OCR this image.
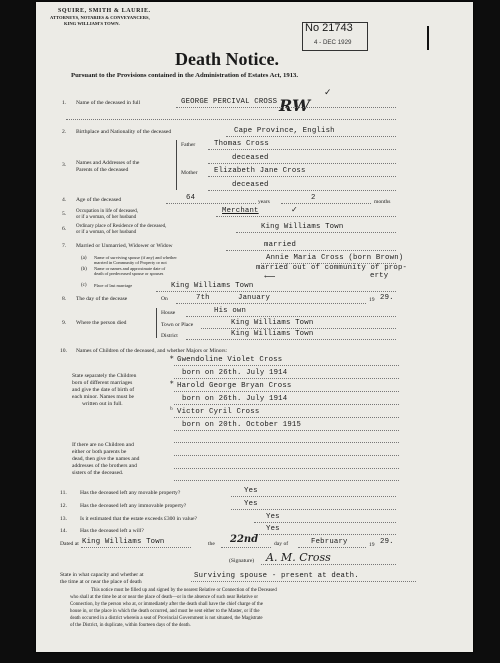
SQUIRE, SMITH & LAURIE.
ATTORNEYS, NOTARIES & CONVEYANCERS,
KING WILLIAM'S TOWN.	No 21743
4 - DEC 1929
Death Notice.
Pursuant to the Provisions contained in the Administration of Estates Act, 1913.
RW
✓
1. Name of the deceased in full	GEORGE PERCIVAL CROSS
2. Birthplace and Nationality of the deceased	Cape Province, English
3. Names and Addresses of the
Parents of the deceased
Father	Thomas Cross
deceased
Mother Elizabeth Jane Cross
deceased
4. Age of the deceased	64	years	2	months
5. Occupation in life of deceased,
or if a woman, of her husband
Merchant	✓
6. Ordinary place of Residence of the deceased,
or if a woman, of her husband
King Williams Town
7. Married or Unmarried, Widower or Widow	married
(a) Name of surviving spouse (if any) and whether
married in Community of Property or not
Annie Maria Cross (born Brown)
(b) Name or names and approximate date of
death of predeceased spouse or spouses
married out of community of prop-
erty
⟵
(c) Place of last marriage	King Williams Town
8. The day of the decease	On	7th	January	19 29.
9. Where the person died
House	His own
Town or Place	King Williams Town
District	King Williams Town
10. Names of Children of the deceased, and whether Majors or Minors:
State separately the Children
born of different marriages
and give the date of birth of
each minor. Names must be
written out in full.
* Gwendoline Violet Cross
born on 26th. July 1914
* Harold George Bryan Cross
born on 26th. July 1914
ʰ Victor Cyril Cross
born on 20th. October 1915
If there are no Children and
either or both parents be
dead, then give the names and
addresses of the brothers and
sisters of the deceased.
11. Has the deceased left any movable property?	Yes
12. Has the deceased left any immovable property?	Yes
13. Is it estimated that the estate exceeds £300 in value?	Yes
14. Has the deceased left a will?	Yes
Dated at King Williams Town	the 22nd	day of	February	19 29.
(Signature) A. M. Cross
State in what capacity and whether at
the time at or near the place of death
Surviving spouse - present at death.
This notice must be filled up and signed by the nearest Relative or Connection of the Deceased
who shall at the time be at or near the place of death—or in the absence of such near Relative or
Connection, by the person who at, or immediately after the death shall have the chief charge of the
house in, or the place in which the death occurred, and must be sent either to the Master, or if the
death occurred in a district wherein a seat of Provincial Government is not situated, the Magistrate
of the District, in duplicate, within fourteen days of the death.
